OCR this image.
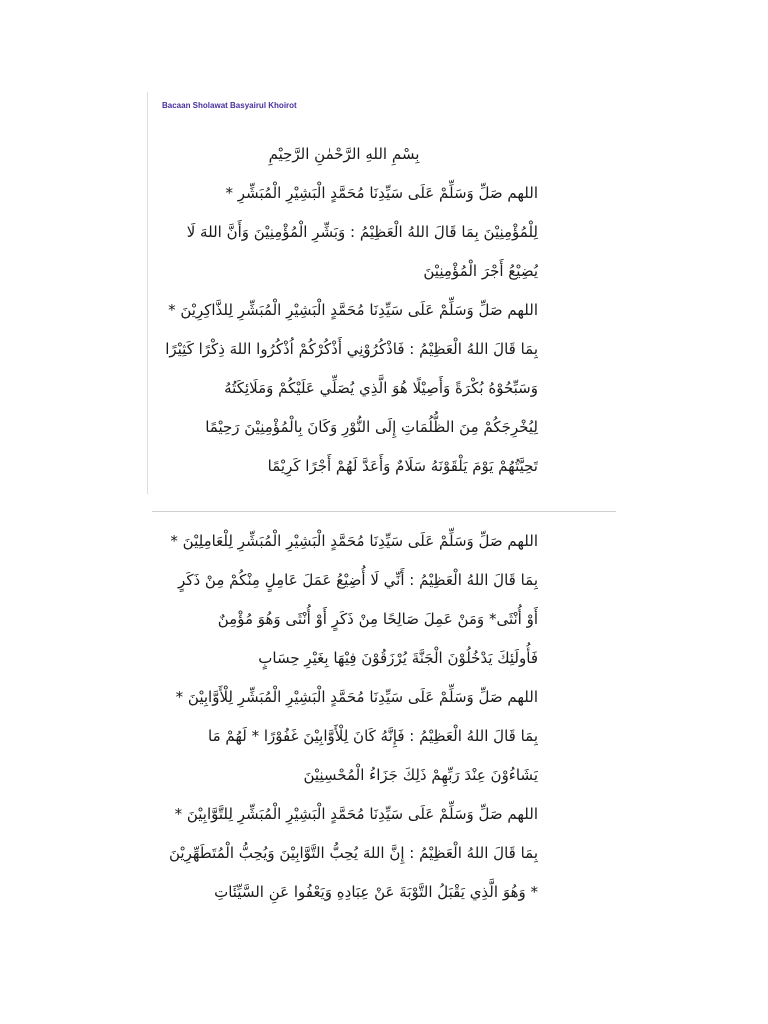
Bacaan Sholawat Basyairul Khoirot
بِسْمِ اللهِ الرَّحْمٰنِ الرَّحِيْمِ
اللهم صَلِّ وَسَلِّمْ عَلَى سَيِّدِنَا مُحَمَّدٍ الْبَشِيْرِ الْمُبَشِّرِ *
لِلْمُؤْمِنِيْنَ بِمَا قَالَ اللهُ الْعَظِيْمُ : وَبَشِّرِ الْمُؤْمِنِيْنَ وَأَنَّ اللهَ لَا
يُضِيْعُ أَجْرَ الْمُؤْمِنِيْنَ
اللهم صَلِّ وَسَلِّمْ عَلَى سَيِّدِنَا مُحَمَّدٍ الْبَشِيْرِ الْمُبَشِّرِ لِلذَّاكِرِيْنَ *
بِمَا قَالَ اللهُ الْعَظِيْمُ : فَاذْكُرُوْنِي أَذْكُرْكُمْ اُذْكُرُوا اللهَ ذِكْرًا كَثِيْرًا
وَسَبِّحُوْهُ بُكْرَةً وَأَصِيْلًا هُوَ الَّذِي يُصَلِّي عَلَيْكُمْ وَمَلَائِكَتُهُ
لِيُخْرِجَكُمْ مِنَ الظُّلُمَاتِ إِلَى النُّوْرِ وَكَانَ بِالْمُؤْمِنِيْنَ رَحِيْمًا
تَحِيَّتُهُمْ يَوْمَ يَلْقَوْنَهُ سَلَامٌ وَأَعَدَّ لَهُمْ أَجْرًا كَرِيْمًا
اللهم صَلِّ وَسَلِّمْ عَلَى سَيِّدِنَا مُحَمَّدٍ الْبَشِيْرِ الْمُبَشِّرِ لِلْعَامِلِيْنَ *
بِمَا قَالَ اللهُ الْعَظِيْمُ : أَنِّي لَا أُضِيْعُ عَمَلَ عَامِلٍ مِنْكُمْ مِنْ ذَكَرٍ
أَوْ أُنْثَى* وَمَنْ عَمِلَ صَالِحًا مِنْ ذَكَرٍ أَوْ أُنْثَى وَهُوَ مُؤْمِنٌ
فَأُولَئِكَ يَدْخُلُوْنَ الْجَنَّةَ يُرْزَقُوْنَ فِيْهَا بِغَيْرِ حِسَابٍ
اللهم صَلِّ وَسَلِّمْ عَلَى سَيِّدِنَا مُحَمَّدٍ الْبَشِيْرِ الْمُبَشِّرِ لِلْأَوَّابِيْنَ *
بِمَا قَالَ اللهُ الْعَظِيْمُ : فَإِنَّهُ كَانَ لِلْأَوَّابِيْنَ غَفُوْرًا * لَهُمْ مَا
يَشَاءُوْنَ عِنْدَ رَبِّهِمْ ذَلِكَ جَزَاءُ الْمُحْسِنِيْنَ
اللهم صَلِّ وَسَلِّمْ عَلَى سَيِّدِنَا مُحَمَّدٍ الْبَشِيْرِ الْمُبَشِّرِ لِلتَّوَّابِيْنَ *
بِمَا قَالَ اللهُ الْعَظِيْمُ : إِنَّ اللهَ يُحِبُّ التَّوَّابِيْنَ وَيُحِبُّ الْمُتَطَهِّرِيْنَ
* وَهُوَ الَّذِي يَقْبَلُ التَّوْبَةَ عَنْ عِبَادِهِ وَيَعْفُوا عَنِ السَّيِّئَاتِ
